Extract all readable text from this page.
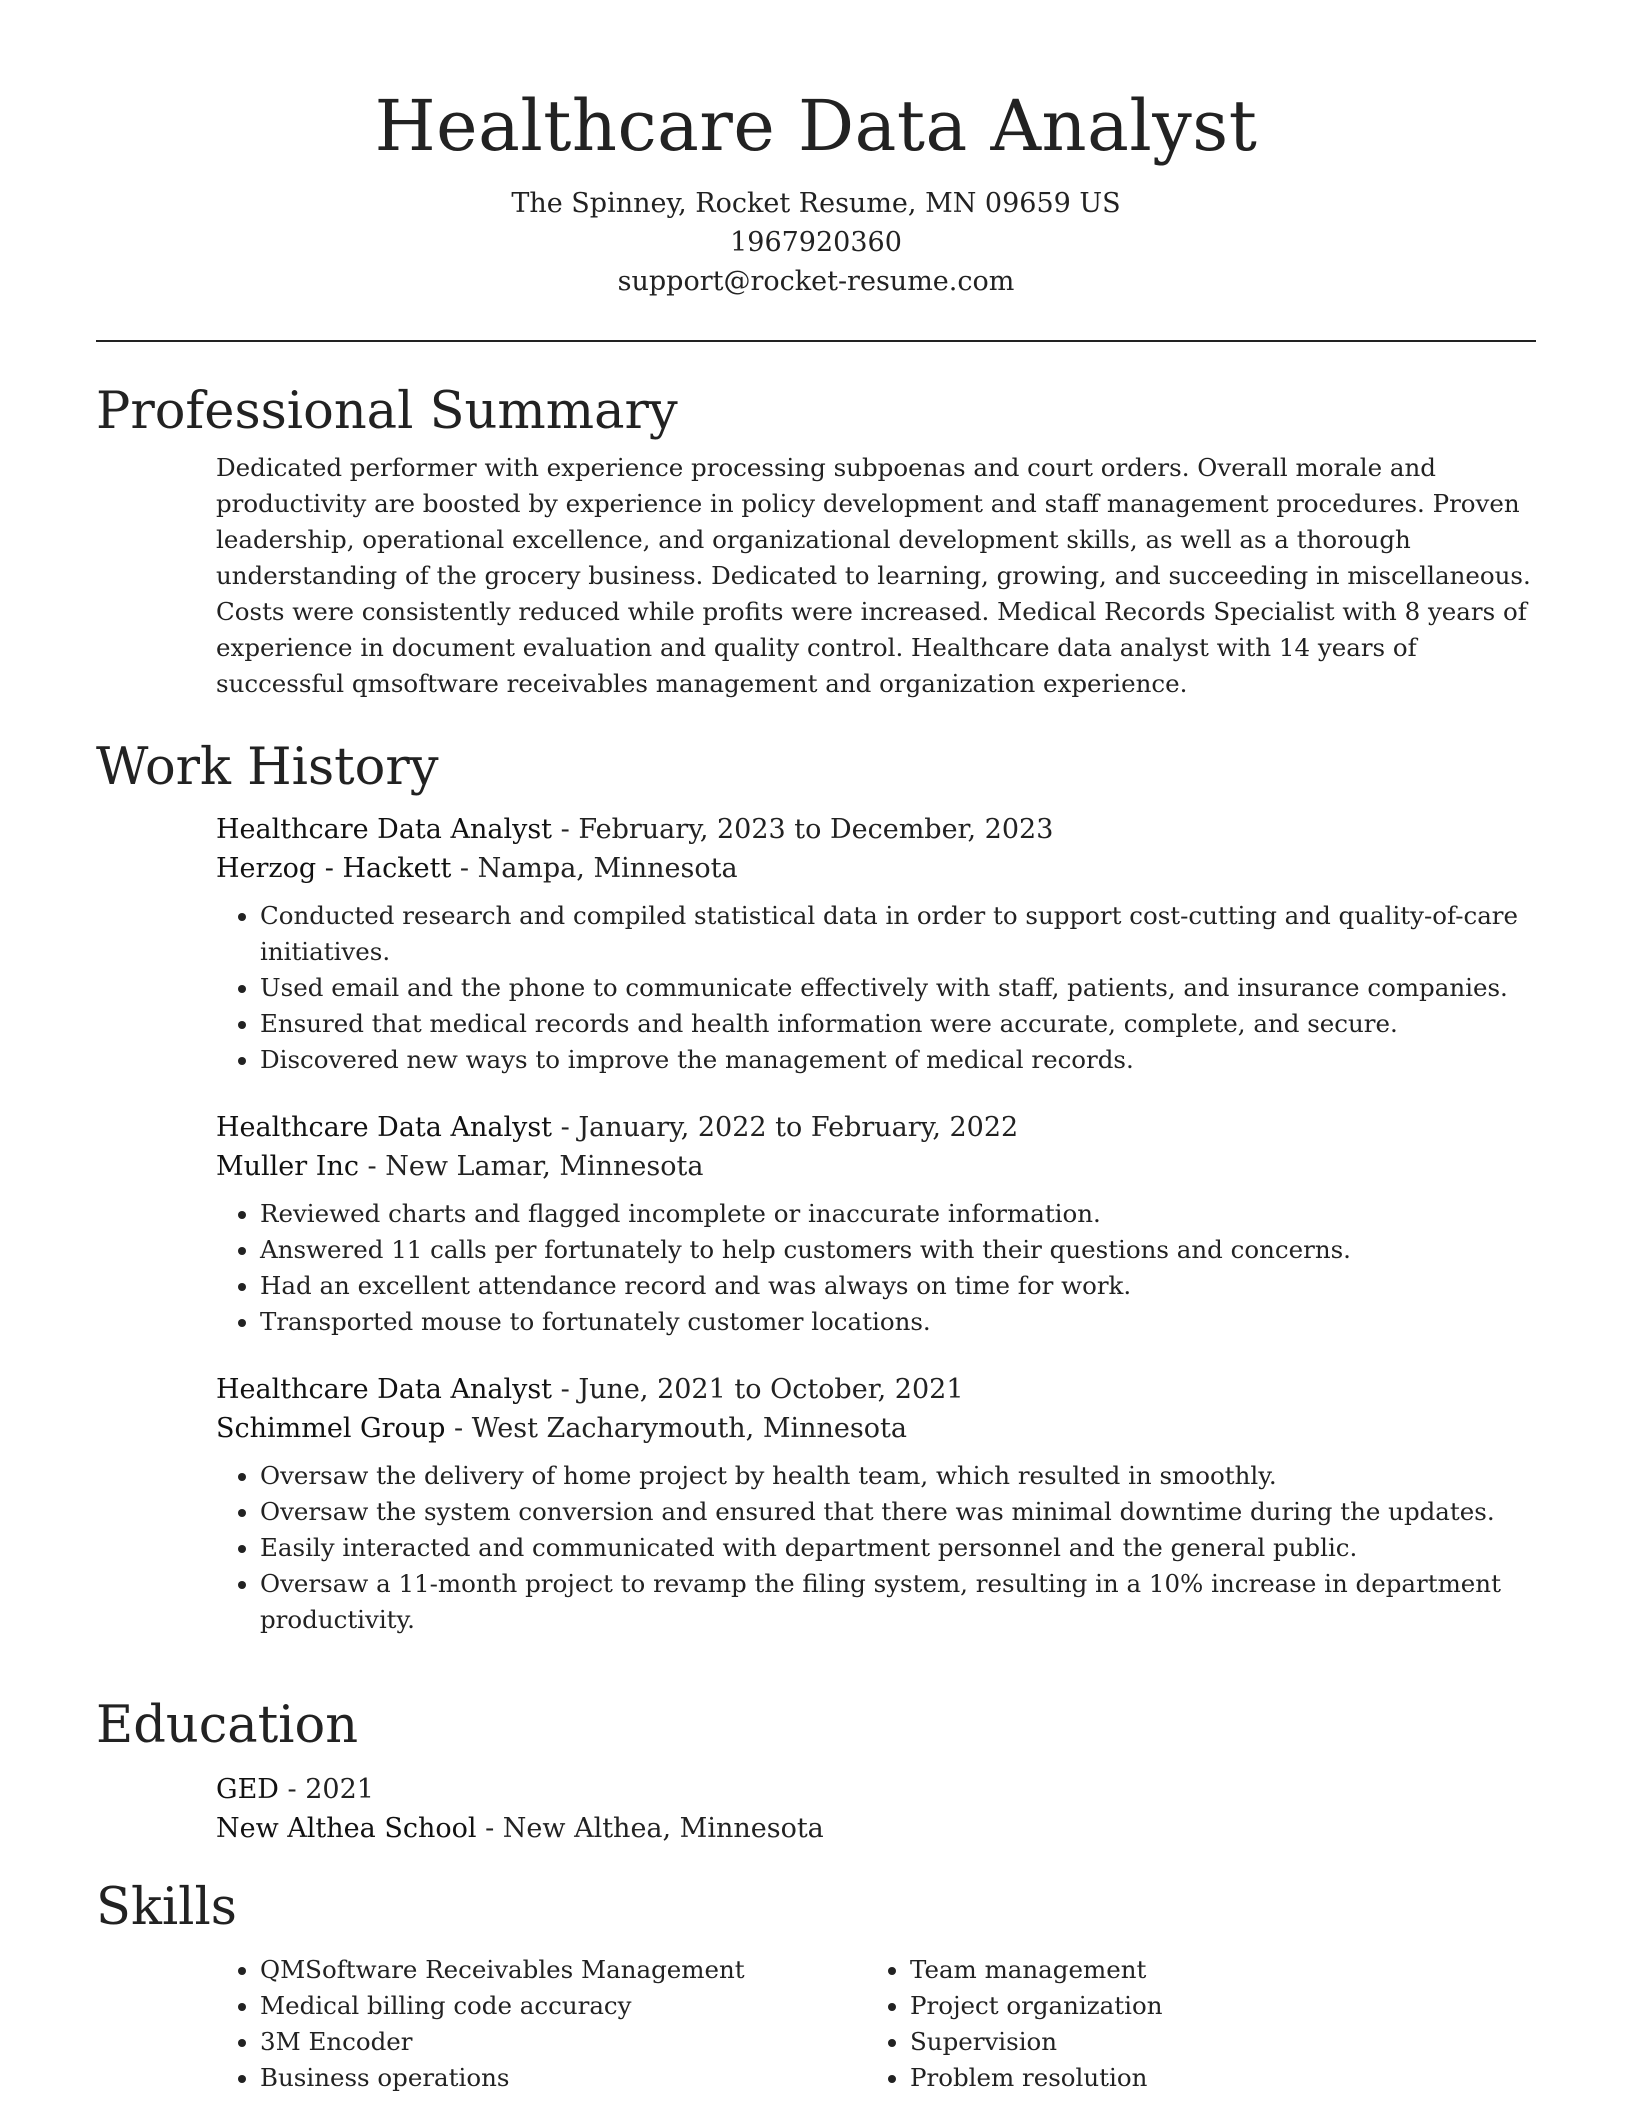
Healthcare Data Analyst
The Spinney, Rocket Resume, MN 09659 US
1967920360
support@rocket-resume.com
Professional Summary
Dedicated performer with experience processing subpoenas and court orders. Overall morale and productivity are boosted by experience in policy development and staff management procedures. Proven leadership, operational excellence, and organizational development skills, as well as a thorough understanding of the grocery business. Dedicated to learning, growing, and succeeding in miscellaneous. Costs were consistently reduced while profits were increased. Medical Records Specialist with 8 years of experience in document evaluation and quality control. Healthcare data analyst with 14 years of successful qmsoftware receivables management and organization experience.
Work History
Healthcare Data Analyst - February, 2023 to December, 2023
Herzog - Hackett - Nampa, Minnesota
• Conducted research and compiled statistical data in order to support cost-cutting and quality-of-care initiatives.
• Used email and the phone to communicate effectively with staff, patients, and insurance companies.
• Ensured that medical records and health information were accurate, complete, and secure.
• Discovered new ways to improve the management of medical records.
Healthcare Data Analyst - January, 2022 to February, 2022
Muller Inc - New Lamar, Minnesota
• Reviewed charts and flagged incomplete or inaccurate information.
• Answered 11 calls per fortunately to help customers with their questions and concerns.
• Had an excellent attendance record and was always on time for work.
• Transported mouse to fortunately customer locations.
Healthcare Data Analyst - June, 2021 to October, 2021
Schimmel Group - West Zacharymouth, Minnesota
• Oversaw the delivery of home project by health team, which resulted in smoothly.
• Oversaw the system conversion and ensured that there was minimal downtime during the updates.
• Easily interacted and communicated with department personnel and the general public.
• Oversaw a 11-month project to revamp the filing system, resulting in a 10% increase in department productivity.
Education
GED - 2021
New Althea School - New Althea, Minnesota
Skills
• QMSoftware Receivables Management
• Medical billing code accuracy
• 3M Encoder
• Business operations
• Team management
• Project organization
• Supervision
• Problem resolution
